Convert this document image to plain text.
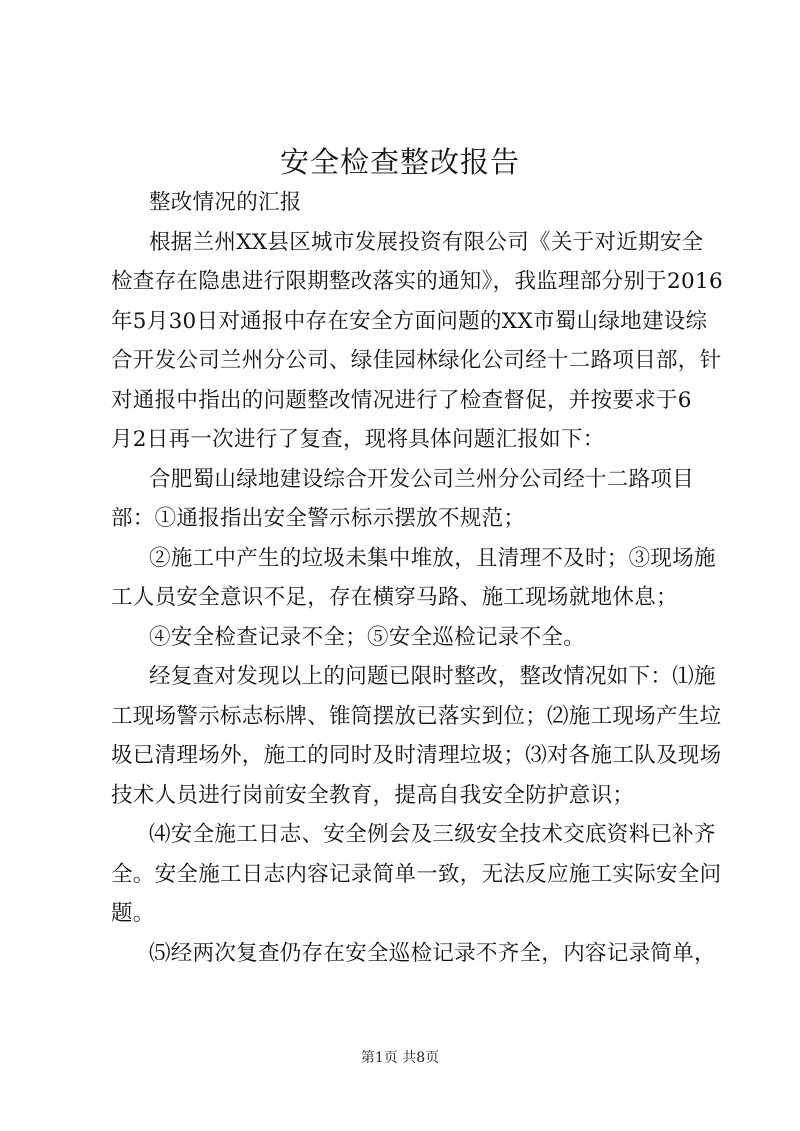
安全检查整改报告
整改情况的汇报
根据兰州XX县区城市发展投资有限公司《关于对近期安全
检查存在隐患进行限期整改落实的通知》，我监理部分别于2016
年5月30日对通报中存在安全方面问题的XX市蜀山绿地建设综
合开发公司兰州分公司、绿佳园林绿化公司经十二路项目部，针
对通报中指出的问题整改情况进行了检查督促，并按要求于6
月2日再一次进行了复查，现将具体问题汇报如下：
合肥蜀山绿地建设综合开发公司兰州分公司经十二路项目
部：①通报指出安全警示标示摆放不规范；
②施工中产生的垃圾未集中堆放，且清理不及时；③现场施
工人员安全意识不足，存在横穿马路、施工现场就地休息；
④安全检查记录不全；⑤安全巡检记录不全。
经复查对发现以上的问题已限时整改，整改情况如下：⑴施
工现场警示标志标牌、锥筒摆放已落实到位；⑵施工现场产生垃
圾已清理场外，施工的同时及时清理垃圾；⑶对各施工队及现场
技术人员进行岗前安全教育，提高自我安全防护意识；
⑷安全施工日志、安全例会及三级安全技术交底资料已补齐
全。安全施工日志内容记录简单一致，无法反应施工实际安全问
题。
⑸经两次复查仍存在安全巡检记录不齐全，内容记录简单，
第1页 共8页
